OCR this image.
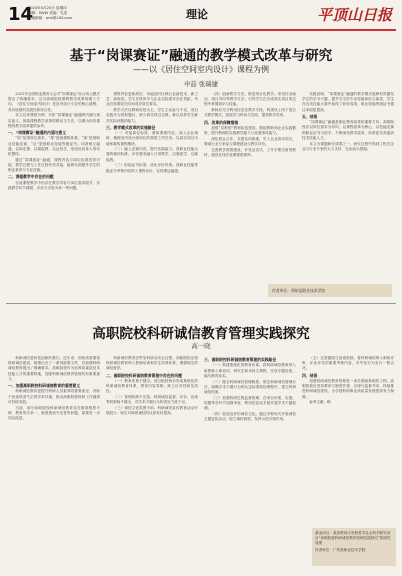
14
2024年4月25日 星期四
编辑：SWW 美编：孔浩
投稿邮箱：pnb@163.com	理论	平顶山日报
基于“岗课赛证”融通的教学模式改革与研究
——以《居住空间室内设计》课程为例
申喆 张瑞捷

2021年全国职业教育大会对“岗课赛证”综合育人模式提出了明确要求，这为高职院校课程教学改革指明了方向。《居住空间室内设计》是室内设计专业的核心课程，具有较强的实践性和综合性。

本文以该课程为例，分析“岗课赛证”融通的内涵与现实意义，探索课程教学改革的路径与方法，以期为同类课程的教学改革提供参考。

一、“岗课赛证”融通的内涵与意义

“岗”是指岗位需求，“课”是指课程体系，“赛”是指职业技能竞赛，“证”是指职业技能等级证书。四者相互融通，以岗定课、以赛促教、以证验学，形成协同育人的有机整体。

通过“岗课赛证”融通，课程内容与岗位标准有效对接，教学过程与工作过程有效对接，能够全面提升学生的职业素养与专业技能。

二、课程教学中存在的问题

目前课程教学中仍存在教学内容与岗位需求脱节、实践教学环节薄弱、评价方式较为单一等问题。

课程内容更新滞后，未能及时反映行业新技术、新工艺、新规范。学生在校所学与企业实际需求存在差距，毕业后需要较长时间适应岗位要求。

教学方法以教师讲授为主，学生主动参与不足，项目实践多为虚拟题目，缺少真实项目支撑，难以培养学生解决实际问题的能力。

三、教学模式改革的实施路径

（一）对接岗位标准，重构课程内容。深入企业调研，梳理室内设计师岗位的典型工作任务，以真实项目为载体重构课程模块。

（二）融入竞赛内容，提升实践能力。将职业技能大赛的赛项标准、评价要求融入日常教学，以赛促学、以赛促教。

（三）衔接证书标准，优化评价体系。将职业技能等级证书考核内容纳入课程评价，实现课证融通。

（四）创新教学方法，推进项目化教学。采用任务驱动、项目导向等教学方法，引导学生在完成真实项目的过程中掌握知识与技能。

教师应充分利用信息化教学手段，构建线上线下混合式教学模式，拓展学习时间与空间，提高教学效率。

四、改革的保障措施

加强“双师型”教师队伍建设，鼓励教师到企业实践锻炼，提升教师的实践教学能力与竞赛指导能力。

深化校企合作，共建实训基地，引入企业真实项目，聘请行业专家参与课程建设与教学评价。

完善教学资源建设，开发活页式、工作手册式新型教材，建设在线开放课程资源库。

实践表明，“岗课赛证”融通的教学模式能够有效激发学生的学习兴趣，提升学生的专业技能和综合素质，学生在各类技能大赛中取得了较好成绩，职业技能等级证书通过率明显提高。

五、结语

“岗课赛证”融通是职业教育改革的重要方向。高职院校应以岗位需求为导向，以课程改革为核心，以技能竞赛和职业证书为抓手，不断深化教学改革，培养更多高素质技术技能人才。

本文为课题研究成果之一，研究过程中得到了相关企业与行业专家的大力支持，在此表示感谢。

作者单位：郑州某职业技术学院
高职院校科研诚信教育管理实践探究
高一晓

科研诚信是科技创新的基石。近年来，国家高度重视科研诚信建设，相继出台了一系列政策文件，对加强科研诚信教育提出了明确要求。高职院校作为培养高素质技术技能人才的重要阵地，加强科研诚信教育管理具有重要意义。

一、加强高职院校科研诚信教育的重要意义

科研诚信教育是提升科研人员素养的重要途径，有助于营造风清气正的学术环境，推动高职院校科研工作健康可持续发展。

当前，部分高职院校科研诚信教育存在重视程度不够、教育形式单一、制度建设不完善等问题，需要进一步加以改进。

科研诚信教育应贯穿科研活动全过程。高职院校应将科研诚信教育纳入教师培训和学生培养体系，增强师生的诚信意识。

二、高职院校科研诚信教育管理中存在的问题

（一）教育体系不健全。部分院校尚未形成系统化的科研诚信教育体系，教育内容零散，缺乏针对性和实效性。

（二）管理机制不完善。科研诚信监督、评价、惩戒等机制尚不健全，对学术不端行为的查处力度不足。

（三）诚信文化氛围不浓。科研诚信宣传教育活动开展较少，师生对科研诚信的认知有待提高。

三、高职院校科研诚信教育管理的实践路径

（一）构建系统化的教育体系。将科研诚信教育纳入新教师入职培训、研究生和本科生课程，开设专题讲座，编写教育读本。

（二）健全科研诚信管理制度。制定科研诚信管理办法，明确学术不端行为的认定标准和处理程序，建立科研诚信档案。

（三）加强科研过程监督管理。在项目申报、实施、结题等各环节加强审查，利用信息化手段开展学术不端检测。

（四）营造良好的诚信文化。通过多种形式开展诚信主题宣传活动，树立诚信典型，发挥示范引领作用。

（五）完善激励与惩戒机制。将科研诚信纳入职称评审、评优评先的重要考核内容，对失信行为实行一票否决。

四、结语

加强科研诚信教育管理是一项长期而系统的工程。高职院校应坚持教育与制度并重、自律与监督并举，持续推进科研诚信建设，为学校科研事业高质量发展提供有力保障。

参考文献：略

基金项目：某省教育厅高校哲学社会科学研究项目“高职院校科研诚信教育管理实践探究”阶段性成果
作者单位：广州某职业技术学院
